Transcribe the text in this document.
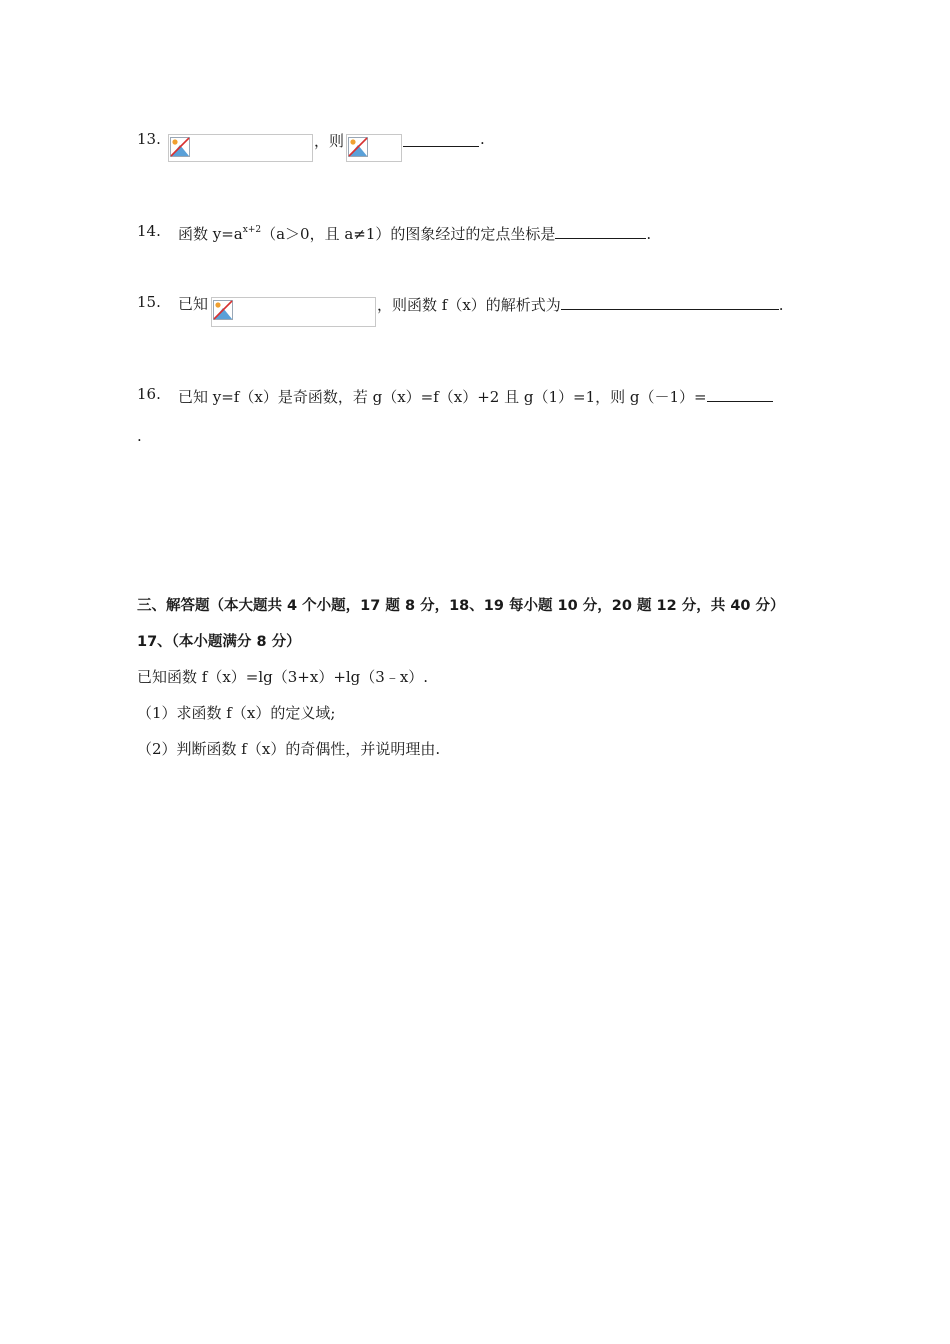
13.	，则	.
14. 函数 $y=a^{x+2}(a>0$，且 a≠1）的图象经过的定点坐标是	.
15. 已知	，则函数 f（x）的解析式为	.
16. 已知 y=f（x）是奇函数，若 g（x）=f（x）+2 且 g（1）=1，则 g（－1）=
.
三、解答题（本大题共 4 个小题，17 题 8 分，18、19 每小题 10 分，20 题 12 分，共 40 分）
17、（本小题满分 8 分）
已知函数 f（x）=lg（3+x）+lg（3﹣x）.
（1）求函数 f（x）的定义域;
（2）判断函数 f（x）的奇偶性，并说明理由.
